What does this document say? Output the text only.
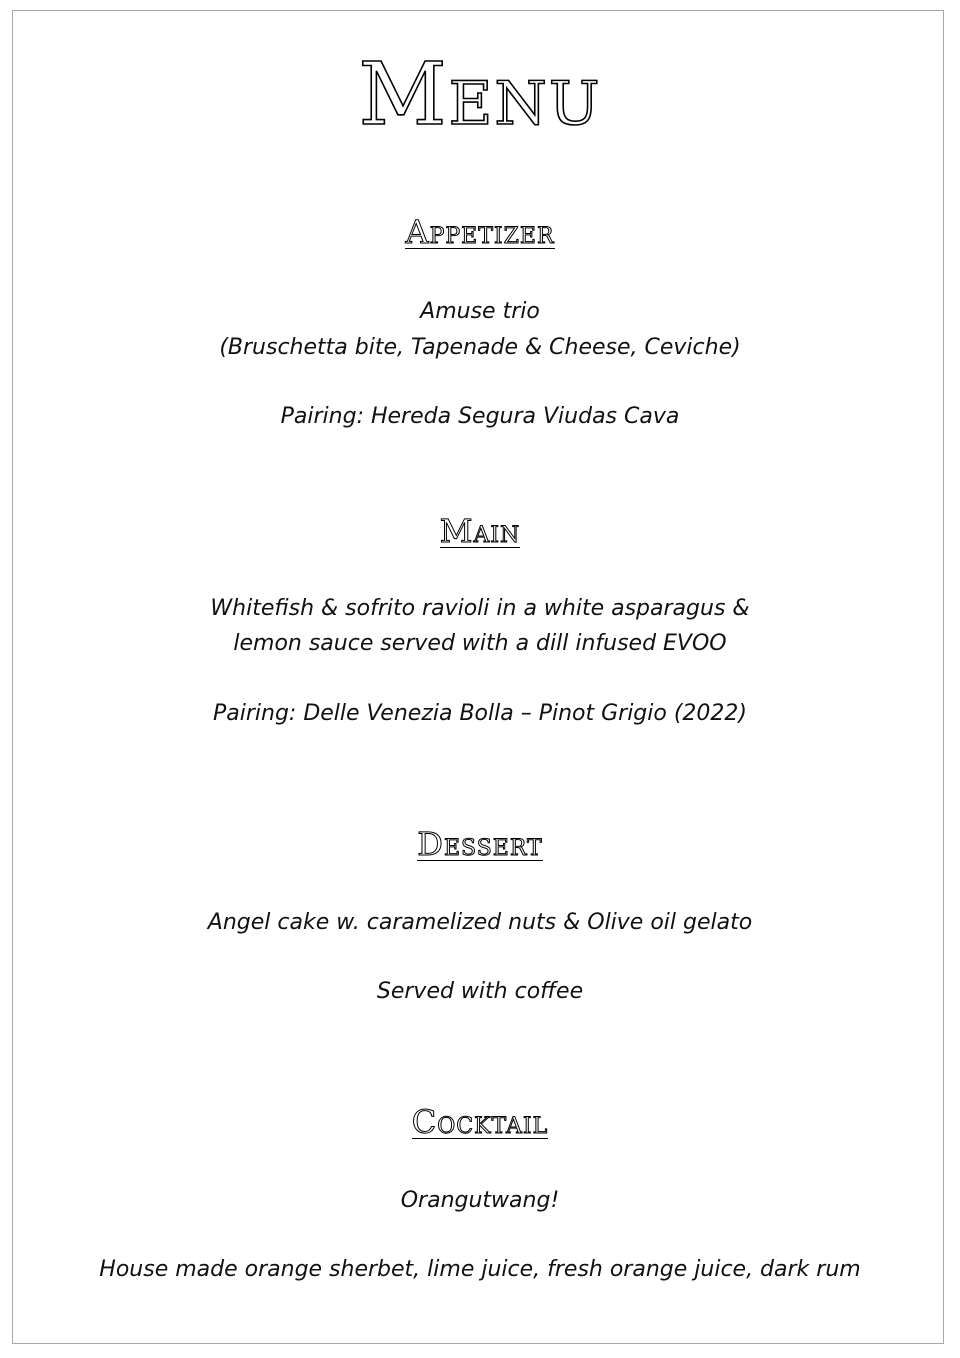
Menu
Appetizer
Amuse trio
(Bruschetta bite, Tapenade & Cheese, Ceviche)
Pairing: Hereda Segura Viudas Cava
Main
Whitefish & sofrito ravioli in a white asparagus &
lemon sauce served with a dill infused EVOO
Pairing: Delle Venezia Bolla – Pinot Grigio (2022)
Dessert
Angel cake w. caramelized nuts & Olive oil gelato
Served with coffee
Cocktail
Orangutwang!
House made orange sherbet, lime juice, fresh orange juice, dark rum
